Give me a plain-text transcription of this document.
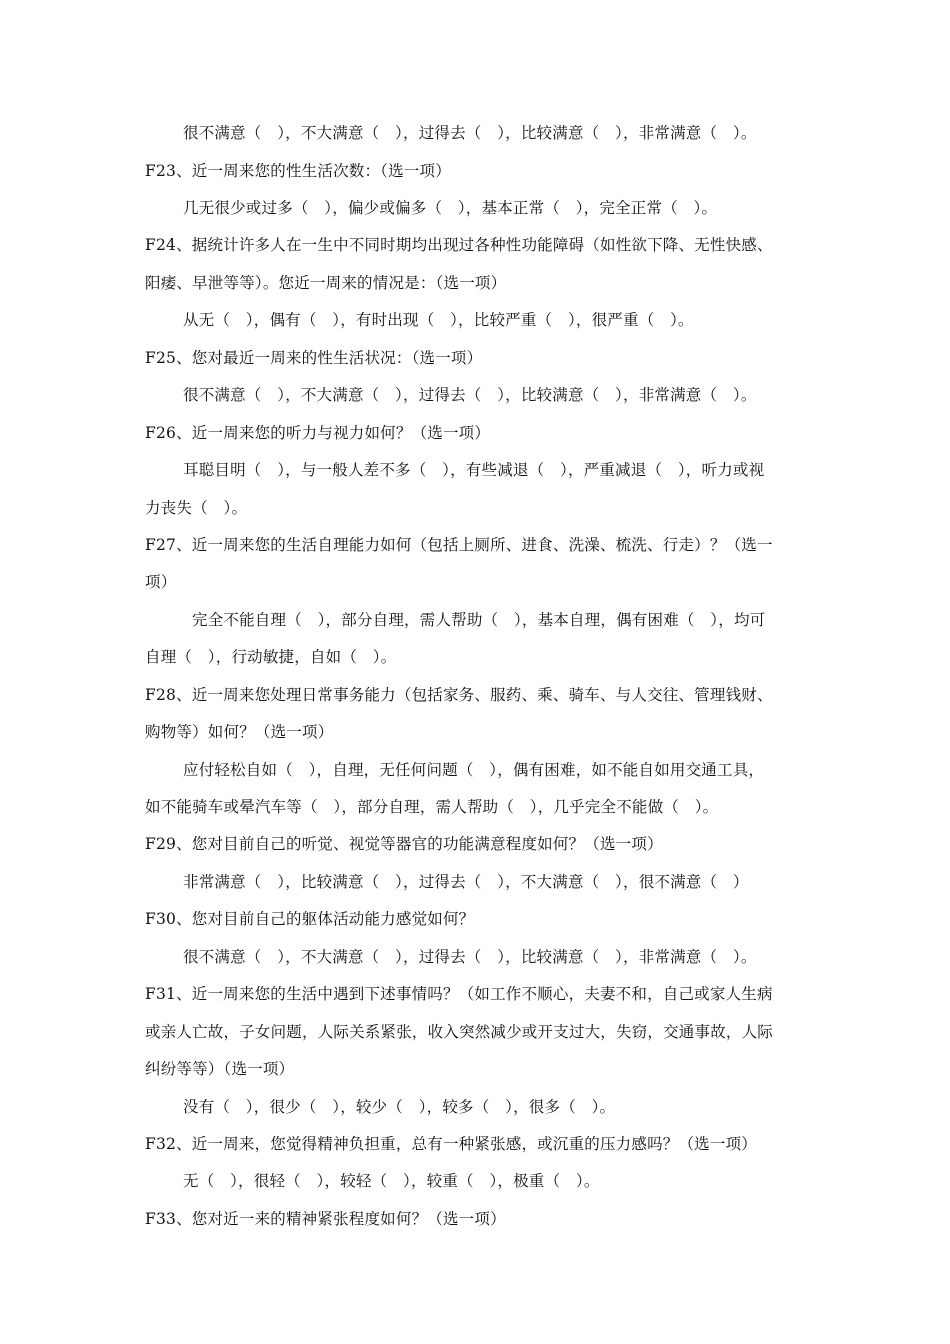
很不满意（　），不大满意（　），过得去（　），比较满意（　），非常满意（　）。
F23、近一周来您的性生活次数：（选一项）
几无很少或过多（　），偏少或偏多（　），基本正常（　），完全正常（　）。
F24、据统计许多人在一生中不同时期均出现过各种性功能障碍（如性欲下降、无性快感、
阳痿、早泄等等）。您近一周来的情况是：（选一项）
从无（　），偶有（　），有时出现（　），比较严重（　），很严重（　）。
F25、您对最近一周来的性生活状况：（选一项）
很不满意（　），不大满意（　），过得去（　），比较满意（　），非常满意（　）。
F26、近一周来您的听力与视力如何？（选一项）
耳聪目明（　），与一般人差不多（　），有些减退（　），严重减退（　），听力或视
力丧失（　）。
F27、近一周来您的生活自理能力如何（包括上厕所、进食、洗澡、梳洗、行走）？（选一
项）
完全不能自理（　），部分自理，需人帮助（　），基本自理，偶有困难（　），均可
自理（　），行动敏捷，自如（　）。
F28、近一周来您处理日常事务能力（包括家务、服药、乘、骑车、与人交往、管理钱财、
购物等）如何？（选一项）
应付轻松自如（　），自理，无任何问题（　），偶有困难，如不能自如用交通工具，
如不能骑车或晕汽车等（　），部分自理，需人帮助（　），几乎完全不能做（　）。
F29、您对目前自己的听觉、视觉等器官的功能满意程度如何？（选一项）
非常满意（　），比较满意（　），过得去（　），不大满意（　），很不满意（　）
F30、您对目前自己的躯体活动能力感觉如何？
很不满意（　），不大满意（　），过得去（　），比较满意（　），非常满意（　）。
F31、近一周来您的生活中遇到下述事情吗？（如工作不顺心，夫妻不和，自己或家人生病
或亲人亡故，子女问题，人际关系紧张，收入突然减少或开支过大，失窃，交通事故，人际
纠纷等等）（选一项）
没有（　），很少（　），较少（　），较多（　），很多（　）。
F32、近一周来，您觉得精神负担重，总有一种紧张感，或沉重的压力感吗？（选一项）
无（　），很轻（　），较轻（　），较重（　），极重（　）。
F33、您对近一来的精神紧张程度如何？（选一项）
